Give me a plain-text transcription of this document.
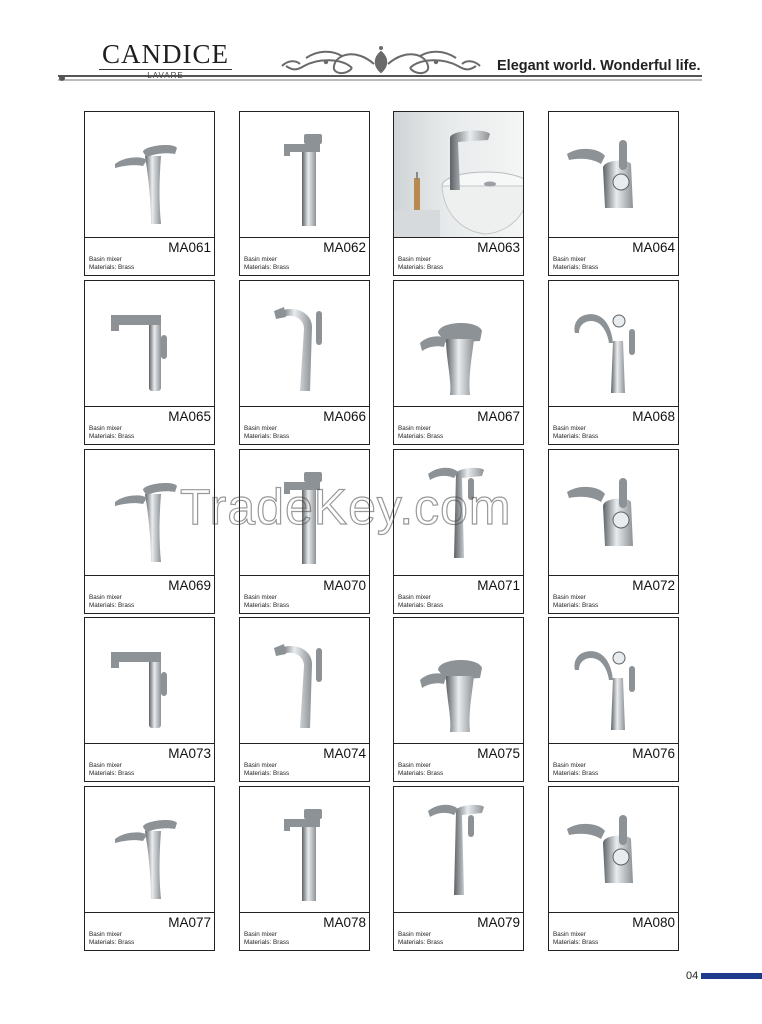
CANDICE
LAVARE
Elegant world. Wonderful life.
MA061
Basin mixer
Materials: Brass
MA062
Basin mixer
Materials: Brass
MA063
Basin mixer
Materials: Brass
MA064
Basin mixer
Materials: Brass
MA065
Basin mixer
Materials: Brass
MA066
Basin mixer
Materials: Brass
MA067
Basin mixer
Materials: Brass
MA068
Basin mixer
Materials: Brass
MA069
Basin mixer
Materials: Brass
MA070
Basin mixer
Materials: Brass
MA071
Basin mixer
Materials: Brass
MA072
Basin mixer
Materials: Brass
MA073
Basin mixer
Materials: Brass
MA074
Basin mixer
Materials: Brass
MA075
Basin mixer
Materials: Brass
MA076
Basin mixer
Materials: Brass
MA077
Basin mixer
Materials: Brass
MA078
Basin mixer
Materials: Brass
MA079
Basin mixer
Materials: Brass
MA080
Basin mixer
Materials: Brass
TradeKey.com
04
